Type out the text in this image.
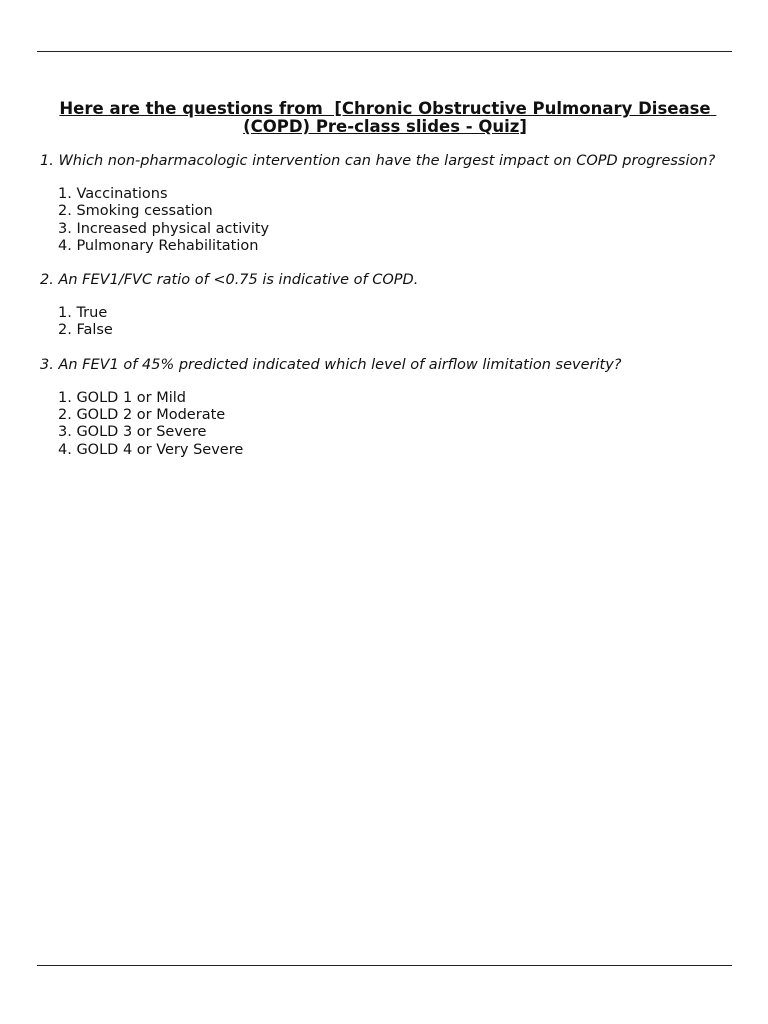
Here are the questions from  [Chronic Obstructive Pulmonary Disease (COPD) Pre-class slides - Quiz]

1. Which non-pharmacologic intervention can have the largest impact on COPD progression?

1. Vaccinations
2. Smoking cessation
3. Increased physical activity
4. Pulmonary Rehabilitation

2. An FEV1/FVC ratio of <0.75 is indicative of COPD.

1. True
2. False

3. An FEV1 of 45% predicted indicated which level of airflow limitation severity?

1. GOLD 1 or Mild
2. GOLD 2 or Moderate
3. GOLD 3 or Severe
4. GOLD 4 or Very Severe
